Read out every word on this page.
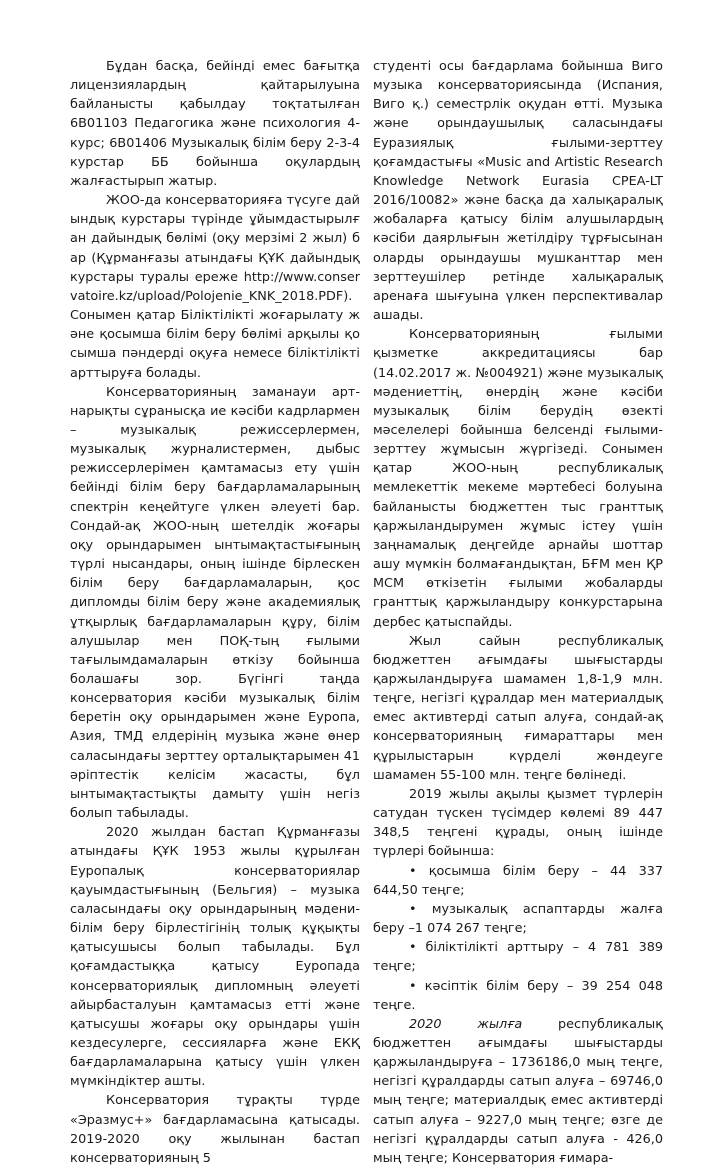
Бұдан басқа, бейінді емес бағытқа лицензиялардың қайтарылуына байланысты қабылдау тоқтатылған 6В01103 Педагогика және психология 4-курс; 6В01406 Музыкалық білім беру 2-3-4 курстар ББ бойынша оқулардың жалғастырып жатыр.

ЖОО-да консерваторияға түсуге дайындық курстары түрінде ұйымдастырылған дайындық бөлімі (оқу мерзімі 2 жыл) бар (Құрманғазы атындағы ҚҰК дайындық курстары туралы ереже http://www.conservatoire.kz/upload/Polojenie_KNK_2018.PDF). Сонымен қатар Біліктілікті жоғарылату және қосымша білім беру бөлімі арқылы қосымша пәндерді оқуға немесе біліктілікті арттыруға болады.

Консерваторияның заманауи арт-нарықты сұранысқа ие кәсіби кадрлармен – музыкалық режиссерлермен, музыкалық журналистермен, дыбыс режиссерлерімен қамтамасыз ету үшін бейінді білім беру бағдарламаларының спектрін кеңейтуге үлкен әлеуеті бар. Сондай-ақ ЖОО-ның шетелдік жоғары оқу орындарымен ынтымақтастығының түрлі нысандары, оның ішінде бірлескен білім беру бағдарламаларын, қос дипломды білім беру және академиялық ұтқырлық бағдарламаларын құру, білім алушылар мен ПОҚ-тың ғылыми тағылымдамаларын өткізу бойынша болашағы зор. Бүгінгі таңда консерватория кәсіби музыкалық білім беретін оқу орындарымен және Еуропа, Азия, ТМД елдерінің музыка және өнер саласындағы зерттеу орталықтарымен 41 әріптестік келісім жасасты, бұл ынтымақтастықты дамыту үшін негіз болып табылады.

2020 жылдан бастап Құрманғазы атындағы ҚҰК 1953 жылы құрылған Еуропалық консерваториялар қауымдастығының (Бельгия) – музыка саласындағы оқу орындарының мәдени-білім беру бірлестігінің толық құқықты қатысушысы болып табылады. Бұл қоғамдастыққа қатысу Еуропада консерваториялық дипломның әлеуеті айырбасталуын қамтамасыз етті және қатысушы жоғары оқу орындары үшін кездесулерге, сессияларға және ЕКҚ бағдарламаларына қатысу үшін үлкен мүмкіндіктер ашты.

Консерватория тұрақты түрде «Эразмус+» бағдарламасына қатысады. 2019-2020 оқу жылынан бастап консерваторияның 5

студенті осы бағдарлама бойынша Виго музыка консерваториясында (Испания, Виго қ.) семестрлік оқудан өтті. Музыка және орындаушылық саласындағы Еуразиялық ғылыми-зерттеу қоғамдастығы «Music and Artistic Research Knowledge Network Eurasia CPEA-LT 2016/10082» және басқа да халықаралық жобаларға қатысу білім алушылардың кәсіби даярлығын жетілдіру тұрғысынан оларды орындаушы мушканттар мен зерттеушілер ретінде халықаралық аренаға шығуына үлкен перспективалар ашады.

Консерваторияның ғылыми қызметке аккредитациясы бар (14.02.2017 ж. №004921) және музыкалық мәдениеттің, өнердің және кәсіби музыкалық білім берудің өзекті мәселелері бойынша белсенді ғылыми-зерттеу жұмысын жүргізеді. Сонымен қатар ЖОО-ның республикалық мемлекеттік мекеме мәртебесі болуына байланысты бюджеттен тыс гранттық қаржыландырумен жұмыс істеу үшін заңнамалық деңгейде арнайы шоттар ашу мүмкін болмағандықтан, БҒМ мен ҚР МСМ өткізетін ғылыми жобаларды гранттық қаржыландыру конкурстарына дербес қатыспайды.

Жыл сайын республикалық бюджеттен ағымдағы шығыстарды қаржыландыруға шамамен 1,8-1,9 млн. теңге, негізгі құралдар мен материалдық емес активтерді сатып алуға, сондай-ақ консерваторияның ғимараттары мен құрылыстарын күрделі жөндеуге шамамен 55-100 млн. теңге бөлінеді.

2019 жылы ақылы қызмет түрлерін сатудан түскен түсімдер көлемі 89 447 348,5 теңгені құрады, оның ішінде түрлері бойынша:

• қосымша білім беру – 44 337 644,50 теңге;

• музыкалық аспаптарды жалға беру –1 074 267 теңге;

• біліктілікті арттыру – 4 781 389 теңге;

• кәсіптік білім беру – 39 254 048 теңге.

2020 жылға республикалық бюджеттен ағымдағы шығыстарды қаржыландыруға – 1736186,0 мың теңге, негізгі құралдарды сатып алуға – 69746,0 мың теңге; материалдық емес активтерді сатып алуға – 9227,0 мың теңге; өзге де негізгі құралдарды сатып алуға - 426,0 мың теңге; Консерватория ғимара-
